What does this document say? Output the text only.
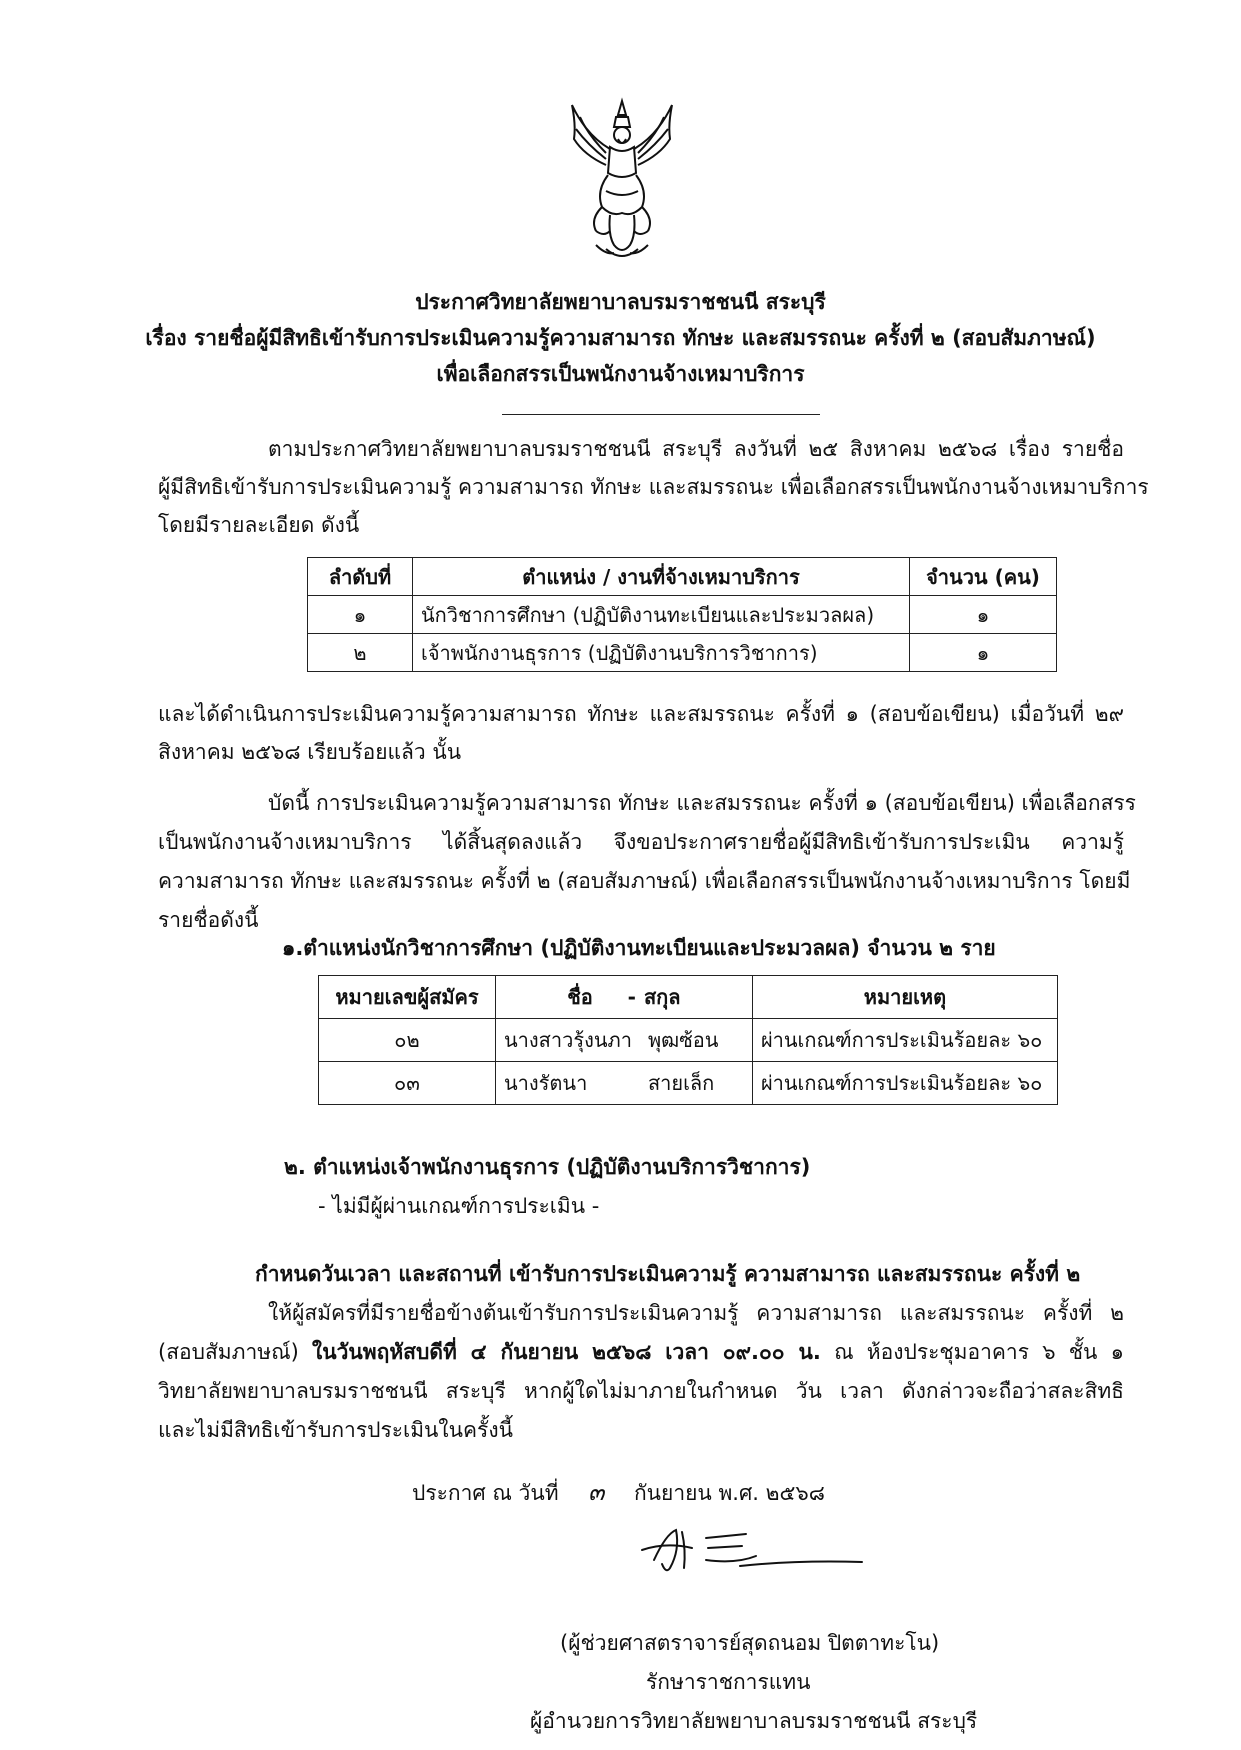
ประกาศวิทยาลัยพยาบาลบรมราชชนนี สระบุรี
เรื่อง รายชื่อผู้มีสิทธิเข้ารับการประเมินความรู้ความสามารถ ทักษะ และสมรรถนะ ครั้งที่ ๒ (สอบสัมภาษณ์)
เพื่อเลือกสรรเป็นพนักงานจ้างเหมาบริการ
ตามประกาศวิทยาลัยพยาบาลบรมราชชนนี สระบุรี ลงวันที่ ๒๕ สิงหาคม ๒๕๖๘ เรื่อง รายชื่อ
ผู้มีสิทธิเข้ารับการประเมินความรู้ ความสามารถ ทักษะ และสมรรถนะ เพื่อเลือกสรรเป็นพนักงานจ้างเหมาบริการ
โดยมีรายละเอียด ดังนี้
ลำดับที่	ตำแหน่ง / งานที่จ้างเหมาบริการ	จำนวน (คน)
๑	นักวิชาการศึกษา (ปฏิบัติงานทะเบียนและประมวลผล)	๑
๒	เจ้าพนักงานธุรการ (ปฏิบัติงานบริการวิชาการ)	๑
และได้ดำเนินการประเมินความรู้ความสามารถ ทักษะ และสมรรถนะ ครั้งที่ ๑ (สอบข้อเขียน) เมื่อวันที่ ๒๙
สิงหาคม ๒๕๖๘ เรียบร้อยแล้ว นั้น
บัดนี้ การประเมินความรู้ความสามารถ ทักษะ และสมรรถนะ ครั้งที่ ๑ (สอบข้อเขียน) เพื่อเลือกสรร
เป็นพนักงานจ้างเหมาบริการ ได้สิ้นสุดลงแล้ว จึงขอประกาศรายชื่อผู้มีสิทธิเข้ารับการประเมิน ความรู้
ความสามารถ ทักษะ และสมรรถนะ ครั้งที่ ๒ (สอบสัมภาษณ์) เพื่อเลือกสรรเป็นพนักงานจ้างเหมาบริการ โดยมี
รายชื่อดังนี้
๑.ตำแหน่งนักวิชาการศึกษา (ปฏิบัติงานทะเบียนและประมวลผล) จำนวน ๒ ราย
หมายเลขผู้สมัคร	ชื่อ -	สกุล	หมายเหตุ
๐๒	นางสาวรุ้งนภา	พุฒซ้อน	ผ่านเกณฑ์การประเมินร้อยละ ๖๐
๐๓	นางรัตนา	สายเล็ก	ผ่านเกณฑ์การประเมินร้อยละ ๖๐
๒. ตำแหน่งเจ้าพนักงานธุรการ (ปฏิบัติงานบริการวิชาการ)
- ไม่มีผู้ผ่านเกณฑ์การประเมิน -
กำหนดวันเวลา และสถานที่ เข้ารับการประเมินความรู้ ความสามารถ และสมรรถนะ ครั้งที่ ๒
ให้ผู้สมัครที่มีรายชื่อข้างต้นเข้ารับการประเมินความรู้ ความสามารถ และสมรรถนะ ครั้งที่ ๒
(สอบสัมภาษณ์) ในวันพฤหัสบดีที่ ๔ กันยายน ๒๕๖๘ เวลา ๐๙.๐๐ น. ณ ห้องประชุมอาคาร ๖ ชั้น ๑
วิทยาลัยพยาบาลบรมราชชนนี สระบุรี หากผู้ใดไม่มาภายในกำหนด วัน เวลา ดังกล่าวจะถือว่าสละสิทธิ
และไม่มีสิทธิเข้ารับการประเมินในครั้งนี้
ประกาศ ณ วันที่ ๓ กันยายน พ.ศ. ๒๕๖๘
(ผู้ช่วยศาสตราจารย์สุดถนอม ปิตตาทะโน)
รักษาราชการแทน
ผู้อำนวยการวิทยาลัยพยาบาลบรมราชชนนี สระบุรี
